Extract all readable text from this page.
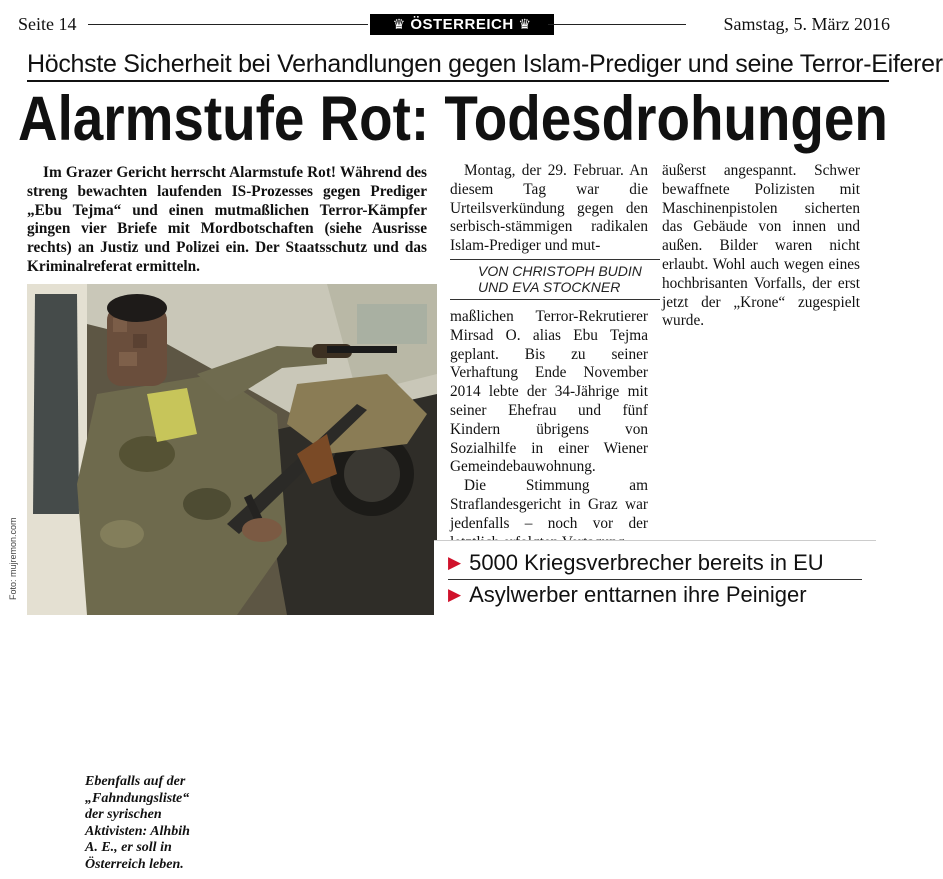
Seite 14	♛ ÖSTERREICH ♛	Samstag, 5. März 2016
Höchste Sicherheit bei Verhandlungen gegen Islam-Prediger und seine Terror-Eiferer
Alarmstufe Rot: Todesdrohungen
Im Grazer Gericht herrscht Alarmstufe Rot! Während des streng bewachten laufenden IS-Prozesses gegen Prediger „Ebu Tejma“ und einen mutmaßlichen Terror-Kämpfer gingen vier Briefe mit Mordbotschaften (siehe Ausrisse rechts) an Justiz und Polizei ein. Der Staatsschutz und das Kriminalreferat ermitteln.

Montag, der 29. Februar. An diesem Tag war die Urteilsverkündung gegen den serbisch-stämmigen radikalen Islam-Prediger und mut-

VON CHRISTOPH BUDIN
UND EVA STOCKNER

maßlichen Terror-Rekrutierer Mirsad O. alias Ebu Tejma geplant. Bis zu seiner Verhaftung Ende November 2014 lebte der 34-Jährige mit seiner Ehefrau und fünf Kindern übrigens von Sozialhilfe in einer Wiener Gemeindebauwohnung.

Die Stimmung am Straflandesgericht in Graz war jedenfalls – noch vor der

äußerst angespannt. Schwer bewaffnete Polizisten mit Maschinenpistolen sicherten das Gebäude von innen und außen. Bilder waren nicht erlaubt. Wohl auch wegen eines hochbrisanten Vorfalls, der erst jetzt der „Krone“ zugespielt wurde.

Ebenfalls auf der „Fahndungsliste“ der syrischen Aktivisten: Alhbih A. E., er soll in Österreich leben.
Foto: mujremon.com	▶ 5000 Kriegsverbrecher bereits in EU
▶ Asylwerber enttarnen ihre Peiniger
